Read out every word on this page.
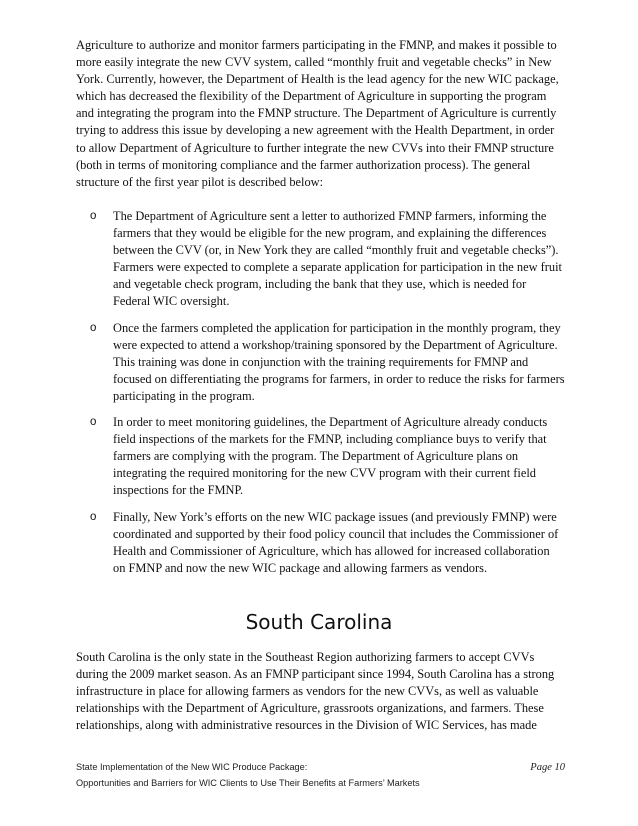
Agriculture to authorize and monitor farmers participating in the FMNP, and makes it possible to more easily integrate the new CVV system, called “monthly fruit and vegetable checks” in New York. Currently, however, the Department of Health is the lead agency for the new WIC package, which has decreased the flexibility of the Department of Agriculture in supporting the program and integrating the program into the FMNP structure. The Department of Agriculture is currently trying to address this issue by developing a new agreement with the Health Department, in order to allow Department of Agriculture to further integrate the new CVVs into their FMNP structure (both in terms of monitoring compliance and the farmer authorization process). The general structure of the first year pilot is described below:

o The Department of Agriculture sent a letter to authorized FMNP farmers, informing the farmers that they would be eligible for the new program, and explaining the differences between the CVV (or, in New York they are called “monthly fruit and vegetable checks”). Farmers were expected to complete a separate application for participation in the new fruit and vegetable check program, including the bank that they use, which is needed for Federal WIC oversight.
o Once the farmers completed the application for participation in the monthly program, they were expected to attend a workshop/training sponsored by the Department of Agriculture. This training was done in conjunction with the training requirements for FMNP and focused on differentiating the programs for farmers, in order to reduce the risks for farmers participating in the program.
o In order to meet monitoring guidelines, the Department of Agriculture already conducts field inspections of the markets for the FMNP, including compliance buys to verify that farmers are complying with the program. The Department of Agriculture plans on integrating the required monitoring for the new CVV program with their current field inspections for the FMNP.
o Finally, New York’s efforts on the new WIC package issues (and previously FMNP) were coordinated and supported by their food policy council that includes the Commissioner of Health and Commissioner of Agriculture, which has allowed for increased collaboration on FMNP and now the new WIC package and allowing farmers as vendors.
South Carolina

South Carolina is the only state in the Southeast Region authorizing farmers to accept CVVs during the 2009 market season. As an FMNP participant since 1994, South Carolina has a strong infrastructure in place for allowing farmers as vendors for the new CVVs, as well as valuable relationships with the Department of Agriculture, grassroots organizations, and farmers. These relationships, along with administrative resources in the Division of WIC Services, has made

State Implementation of the New WIC Produce Package:
Opportunities and Barriers for WIC Clients to Use Their Benefits at Farmers’ Markets
Page 10
